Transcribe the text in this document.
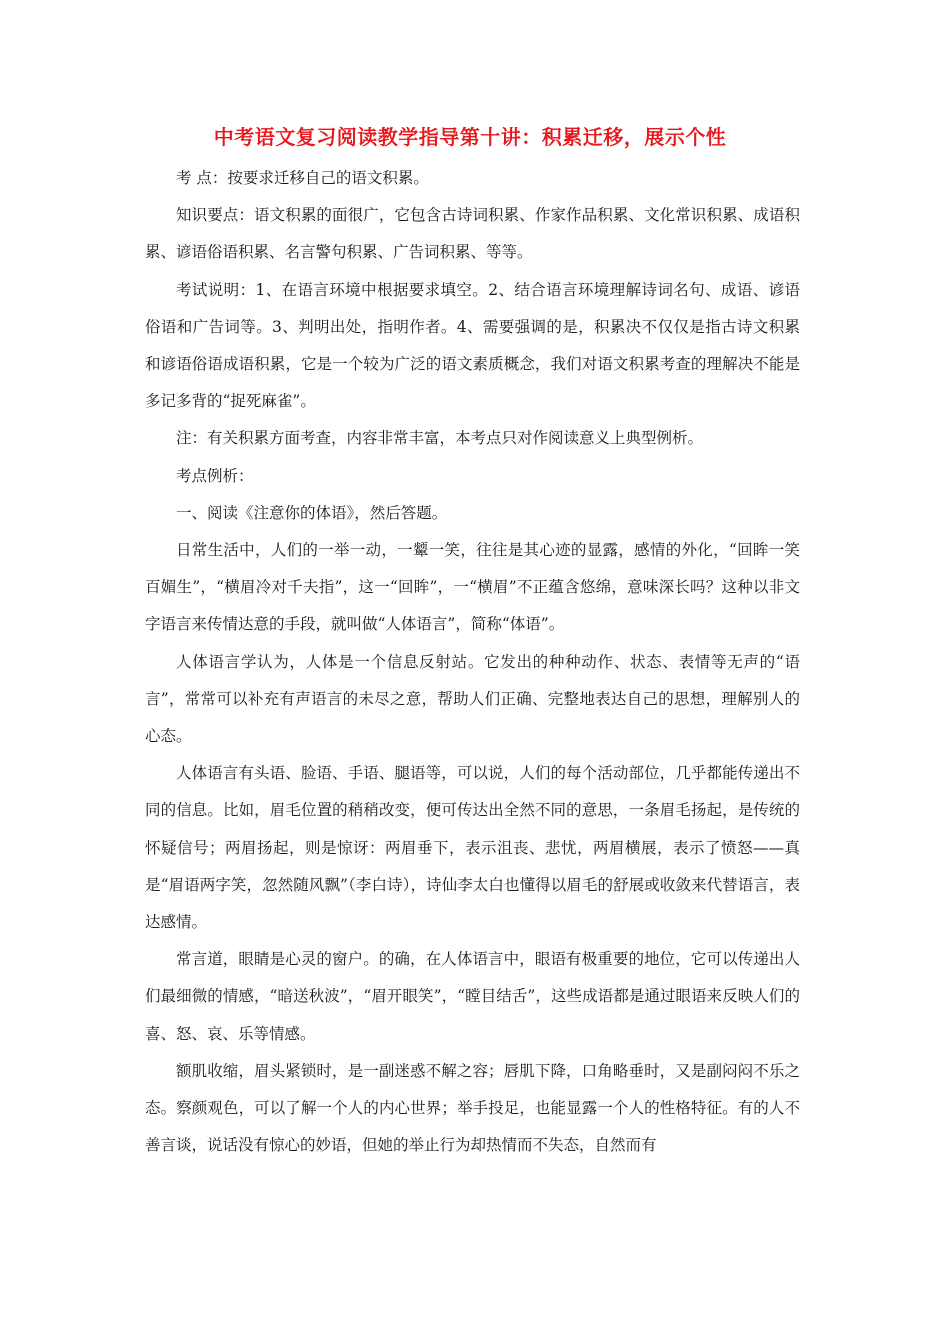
中考语文复习阅读教学指导第十讲：积累迁移，展示个性

考 点：按要求迁移自己的语文积累。

知识要点：语文积累的面很广，它包含古诗词积累、作家作品积累、文化常识积累、成语积累、谚语俗语积累、名言警句积累、广告词积累、等等。

考试说明：1、在语言环境中根据要求填空。2、结合语言环境理解诗词名句、成语、谚语俗语和广告词等。3、判明出处，指明作者。4、需要强调的是，积累决不仅仅是指古诗文积累和谚语俗语成语积累，它是一个较为广泛的语文素质概念，我们对语文积累考查的理解决不能是多记多背的“捉死麻雀”。

注：有关积累方面考查，内容非常丰富，本考点只对作阅读意义上典型例析。

考点例析：

一、阅读《注意你的体语》，然后答题。

日常生活中，人们的一举一动，一颦一笑，往往是其心迹的显露，感情的外化，“回眸一笑百媚生”，“横眉冷对千夫指”，这一“回眸”，一“横眉”不正蕴含悠绵，意味深长吗？这种以非文字语言来传情达意的手段，就叫做“人体语言”，简称“体语”。

人体语言学认为，人体是一个信息反射站。它发出的种种动作、状态、表情等无声的“语言”，常常可以补充有声语言的未尽之意，帮助人们正确、完整地表达自己的思想，理解别人的心态。

人体语言有头语、脸语、手语、腿语等，可以说，人们的每个活动部位，几乎都能传递出不同的信息。比如，眉毛位置的稍稍改变，便可传达出全然不同的意思，一条眉毛扬起，是传统的怀疑信号；两眉扬起，则是惊讶：两眉垂下，表示沮丧、悲忧，两眉横展，表示了愤怒——真是“眉语两字笑，忽然随风飘”（李白诗），诗仙李太白也懂得以眉毛的舒展或收敛来代替语言，表达感情。

常言道，眼睛是心灵的窗户。的确，在人体语言中，眼语有极重要的地位，它可以传递出人们最细微的情感，“暗送秋波”，“眉开眼笑”，“瞠目结舌”，这些成语都是通过眼语来反映人们的喜、怒、哀、乐等情感。

额肌收缩，眉头紧锁时，是一副迷惑不解之容；唇肌下降，口角略垂时，又是副闷闷不乐之态。察颜观色，可以了解一个人的内心世界；举手投足，也能显露一个人的性格特征。有的人不善言谈，说话没有惊心的妙语，但她的举止行为却热情而不失态，自然而有
